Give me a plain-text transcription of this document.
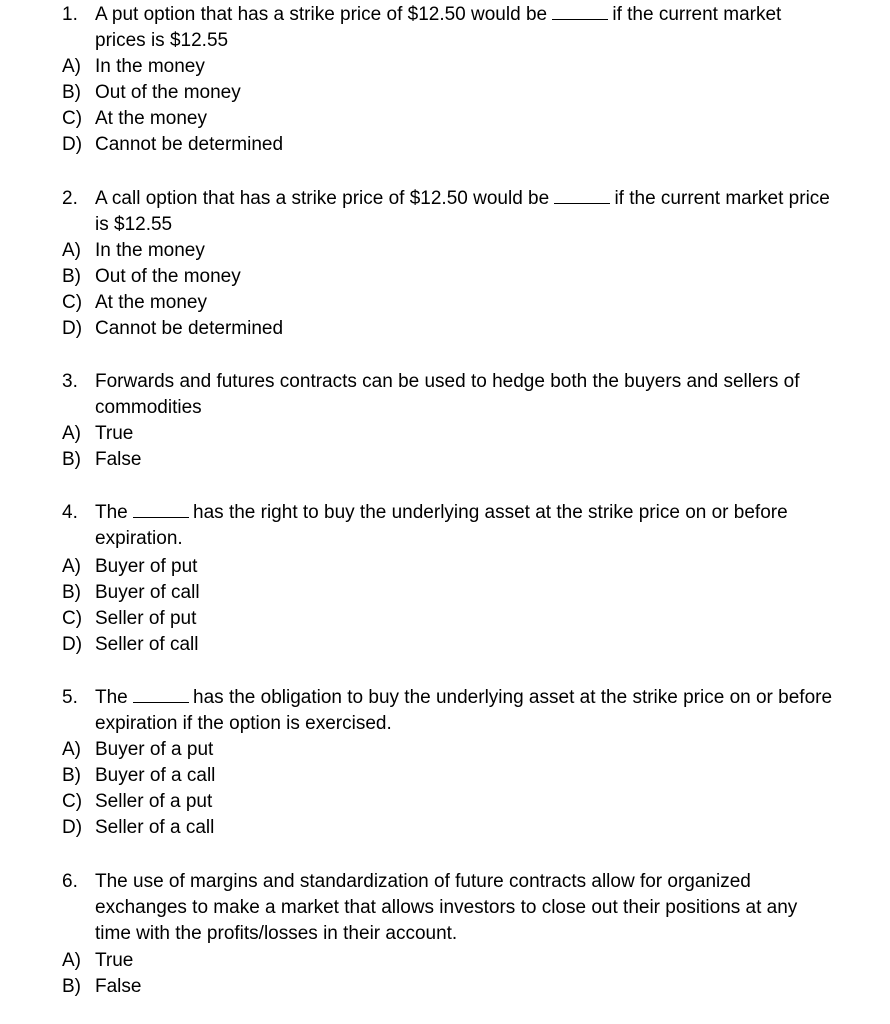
1. A put option that has a strike price of $12.50 would be	if the current market
prices is $12.55
A) In the money
B) Out of the money
C) At the money
D) Cannot be determined
2. A call option that has a strike price of $12.50 would be	if the current market price
is $12.55
A) In the money
B) Out of the money
C) At the money
D) Cannot be determined
3. Forwards and futures contracts can be used to hedge both the buyers and sellers of
commodities
A) True
B) False
4. The	has the right to buy the underlying asset at the strike price on or before
expiration.
A) Buyer of put
B) Buyer of call
C) Seller of put
D) Seller of call
5. The	has the obligation to buy the underlying asset at the strike price on or before
expiration if the option is exercised.
A) Buyer of a put
B) Buyer of a call
C) Seller of a put
D) Seller of a call
6. The use of margins and standardization of future contracts allow for organized
exchanges to make a market that allows investors to close out their positions at any
time with the profits/losses in their account.
A) True
B) False
